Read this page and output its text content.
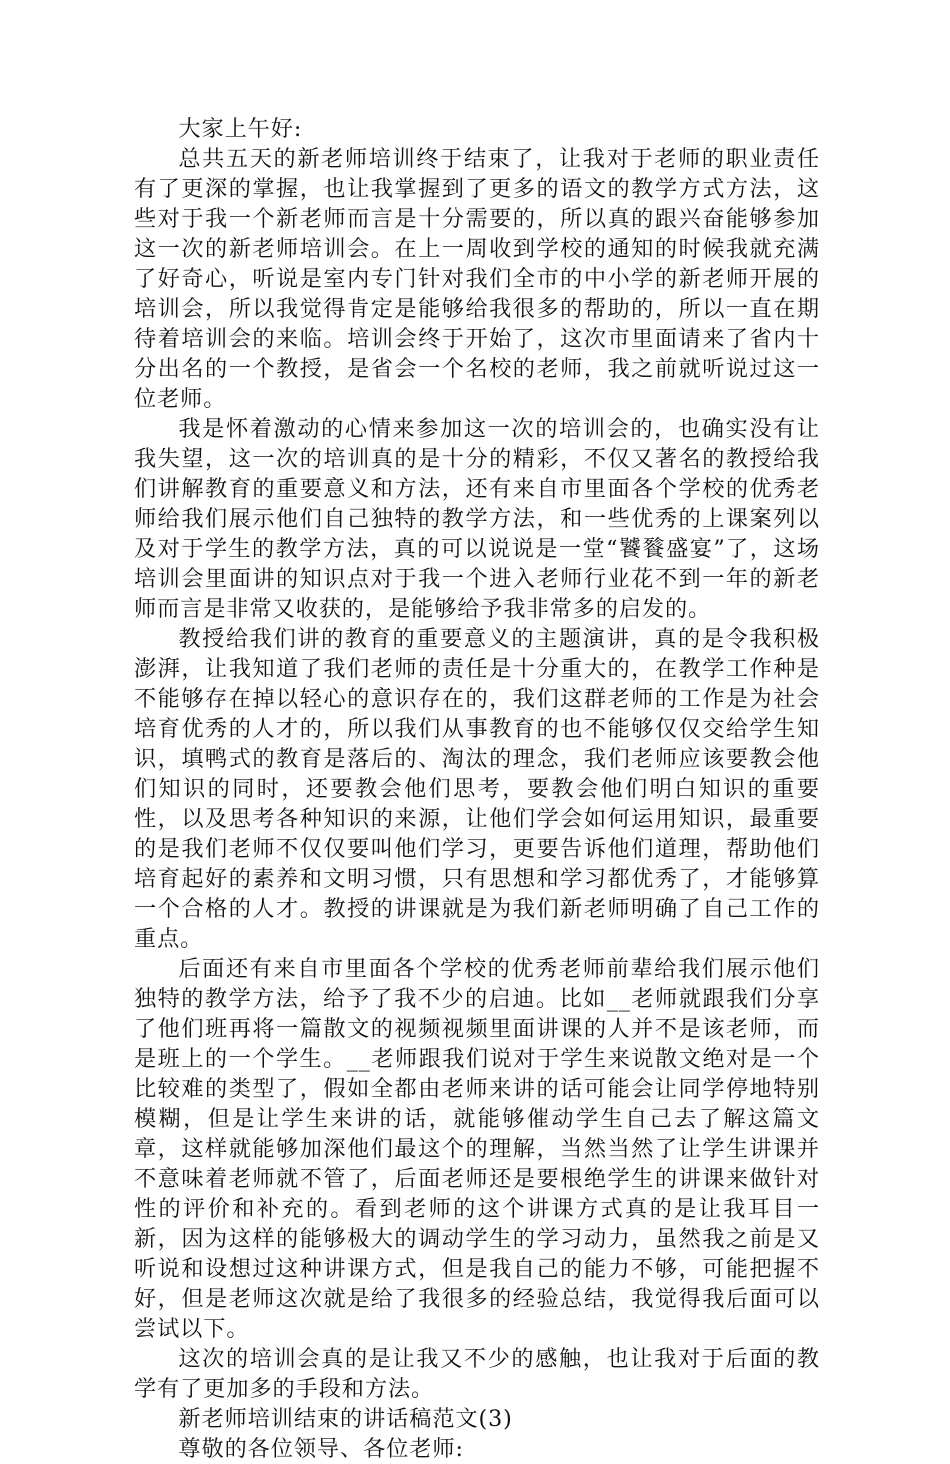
大家上午好:

总共五天的新老师培训终于结束了，让我对于老师的职业责任有了更深的掌握，也让我掌握到了更多的语文的教学方式方法，这些对于我一个新老师而言是十分需要的，所以真的跟兴奋能够参加这一次的新老师培训会。在上一周收到学校的通知的时候我就充满了好奇心，听说是室内专门针对我们全市的中小学的新老师开展的培训会，所以我觉得肯定是能够给我很多的帮助的，所以一直在期待着培训会的来临。培训会终于开始了，这次市里面请来了省内十分出名的一个教授，是省会一个名校的老师，我之前就听说过这一位老师。

我是怀着激动的心情来参加这一次的培训会的，也确实没有让我失望，这一次的培训真的是十分的精彩，不仅又著名的教授给我们讲解教育的重要意义和方法，还有来自市里面各个学校的优秀老师给我们展示他们自己独特的教学方法，和一些优秀的上课案列以及对于学生的教学方法，真的可以说说是一堂“饕餮盛宴”了，这场培训会里面讲的知识点对于我一个进入老师行业花不到一年的新老师而言是非常又收获的，是能够给予我非常多的启发的。

教授给我们讲的教育的重要意义的主题演讲，真的是令我积极澎湃，让我知道了我们老师的责任是十分重大的，在教学工作种是不能够存在掉以轻心的意识存在的，我们这群老师的工作是为社会培育优秀的人才的，所以我们从事教育的也不能够仅仅交给学生知识，填鸭式的教育是落后的、淘汰的理念，我们老师应该要教会他们知识的同时，还要教会他们思考，要教会他们明白知识的重要性，以及思考各种知识的来源，让他们学会如何运用知识，最重要的是我们老师不仅仅要叫他们学习，更要告诉他们道理，帮助他们培育起好的素养和文明习惯，只有思想和学习都优秀了，才能够算一个合格的人才。教授的讲课就是为我们新老师明确了自己工作的重点。

后面还有来自市里面各个学校的优秀老师前辈给我们展示他们独特的教学方法，给予了我不少的启迪。比如__老师就跟我们分享了他们班再将一篇散文的视频视频里面讲课的人并不是该老师，而是班上的一个学生。__老师跟我们说对于学生来说散文绝对是一个比较难的类型了，假如全都由老师来讲的话可能会让同学停地特别模糊，但是让学生来讲的话，就能够催动学生自己去了解这篇文章，这样就能够加深他们最这个的理解，当然当然了让学生讲课并不意味着老师就不管了，后面老师还是要根绝学生的讲课来做针对性的评价和补充的。看到老师的这个讲课方式真的是让我耳目一新，因为这样的能够极大的调动学生的学习动力，虽然我之前是又听说和设想过这种讲课方式，但是我自己的能力不够，可能把握不好，但是老师这次就是给了我很多的经验总结，我觉得我后面可以尝试以下。

这次的培训会真的是让我又不少的感触，也让我对于后面的教学有了更加多的手段和方法。

新老师培训结束的讲话稿范文(3)

尊敬的各位领导、各位老师:
